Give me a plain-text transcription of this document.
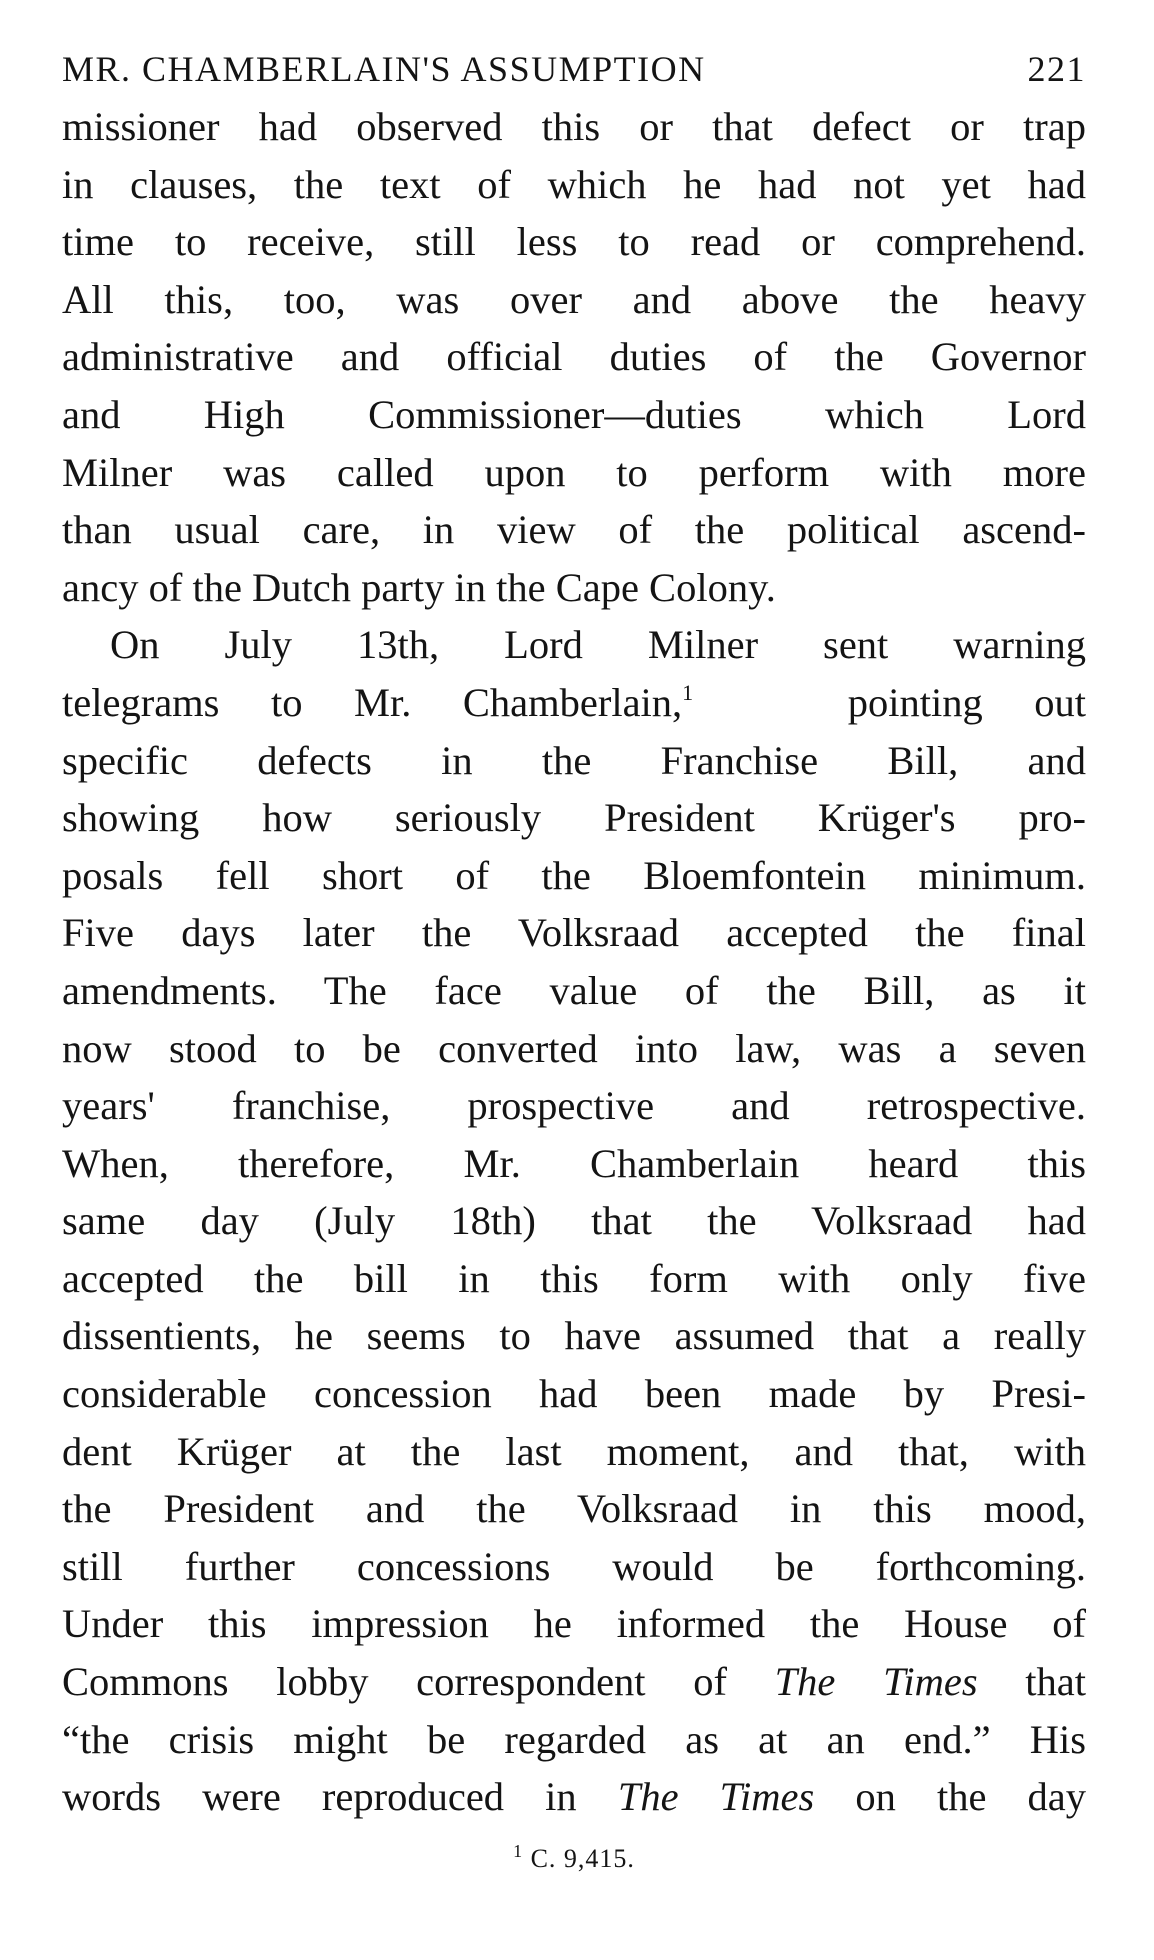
MR. CHAMBERLAIN'S ASSUMPTION	221
missioner had observed this or that defect or trap
in clauses, the text of which he had not yet had
time to receive, still less to read or comprehend.
All this, too, was over and above the heavy
administrative and official duties of the Governor
and High Commissioner—duties which Lord
Milner was called upon to perform with more
than usual care, in view of the political ascend-
ancy of the Dutch party in the Cape Colony.
On July 13th, Lord Milner sent warning
telegrams to Mr. Chamberlain,$^1$	pointing out
specific defects in the Franchise Bill, and
showing how seriously President Krüger's pro-
posals fell short of the Bloemfontein minimum.
Five days later the Volksraad accepted the final
amendments. The face value of the Bill, as it
now stood to be converted into law, was a seven
years' franchise, prospective and retrospective.
When, therefore, Mr. Chamberlain heard this
same day (July 18th) that the Volksraad had
accepted the bill in this form with only five
dissentients, he seems to have assumed that a really
considerable concession had been made by Presi-
dent Krüger at the last moment, and that, with
the President and the Volksraad in this mood,
still further concessions would be forthcoming.
Under this impression he informed the House of
Commons lobby correspondent of The Times that
“the crisis might be regarded as at an end.” His
words were reproduced in The Times on the day
$^1$ C. 9,415.
